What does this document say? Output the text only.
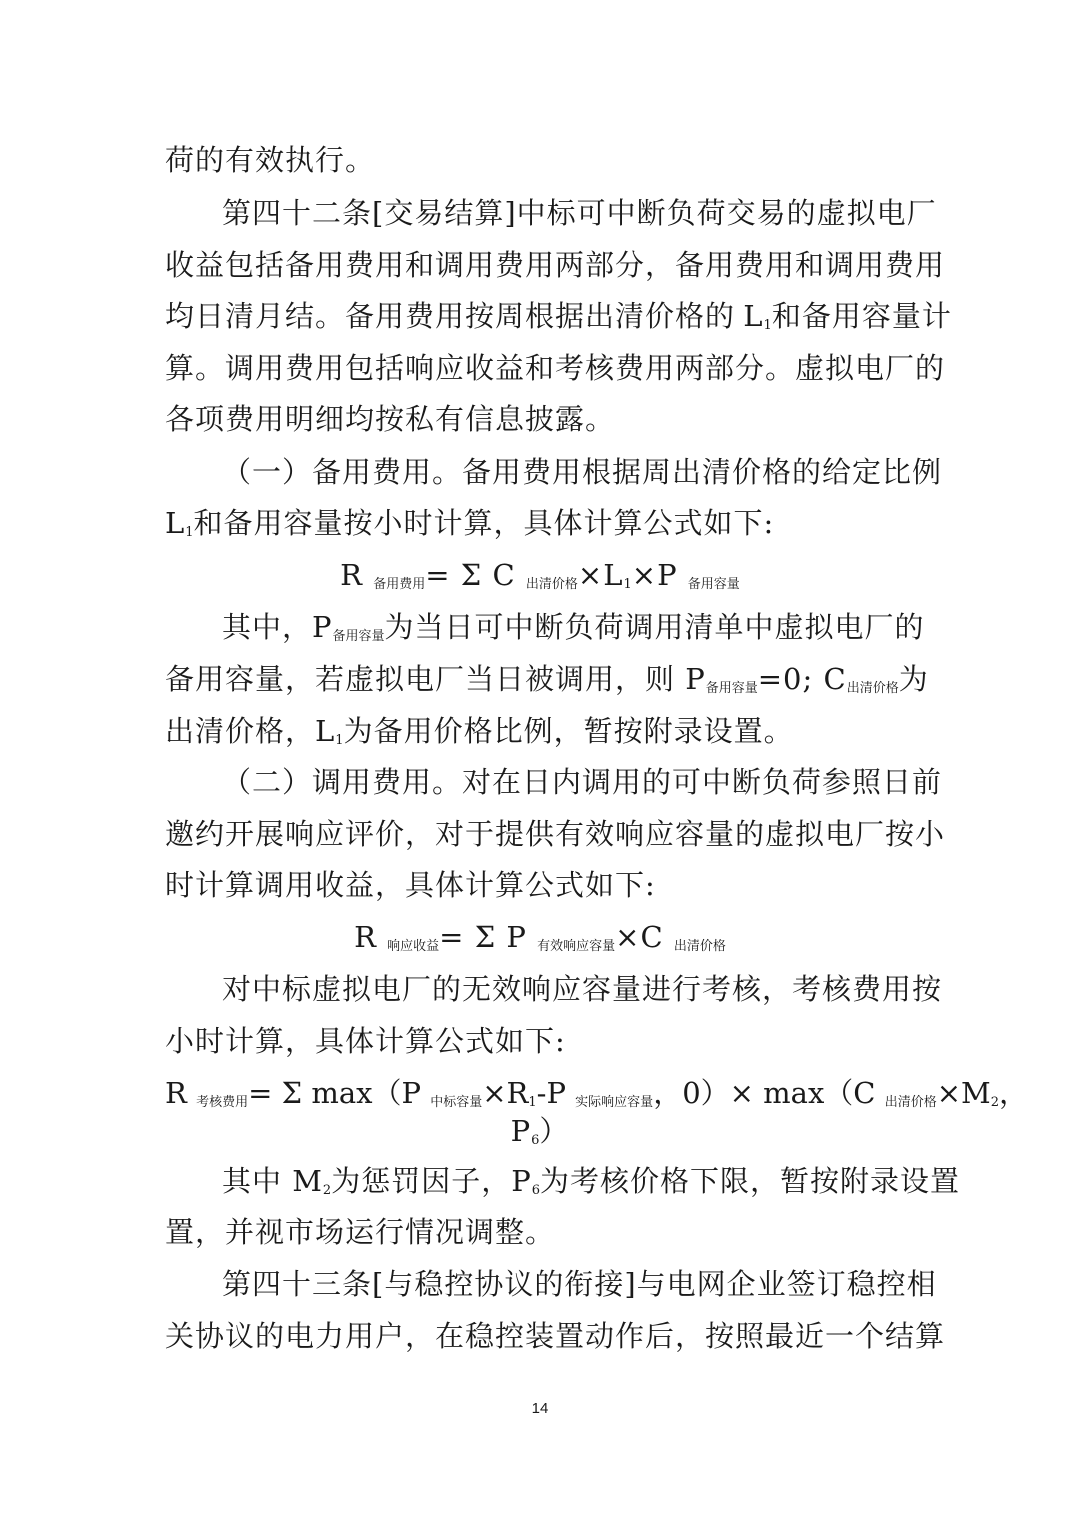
荷的有效执行。
第四十二条[交易结算]中标可中断负荷交易的虚拟电厂
收益包括备用费用和调用费用两部分，备用费用和调用费用
均日清月结。备用费用按周根据出清价格的 $L_1$和备用容量计
算。调用费用包括响应收益和考核费用两部分。虚拟电厂的
各项费用明细均按私有信息披露。
（一）备用费用。备用费用根据周出清价格的给定比例
$L_1$和备用容量按小时计算，具体计算公式如下:
R 备用费用= Σ C 出清价格$\times L_1\times P$ 备用容量
其中，P备用容量为当日可中断负荷调用清单中虚拟电厂的
备用容量，若虚拟电厂当日被调用，则 P备用容量=0; C出清价格为
出清价格，$L_1$为备用价格比例，暂按附录设置。
（二）调用费用。对在日内调用的可中断负荷参照日前
邀约开展响应评价，对于提供有效响应容量的虚拟电厂按小
时计算调用收益，具体计算公式如下:
R 响应收益= Σ P 有效响应容量×C 出清价格
对中标虚拟电厂的无效响应容量进行考核，考核费用按
小时计算，具体计算公式如下:
R 考核费用= Σ max（P 中标容量$\times R_1-P$ 实际响应容量，0）× max（C 出清价格$\times M_2$，
$P_6$）
其中 $M_2$为惩罚因子，$P_6$为考核价格下限，暂按附录设置
置，并视市场运行情况调整。
第四十三条[与稳控协议的衔接]与电网企业签订稳控相
关协议的电力用户，在稳控装置动作后，按照最近一个结算
14
